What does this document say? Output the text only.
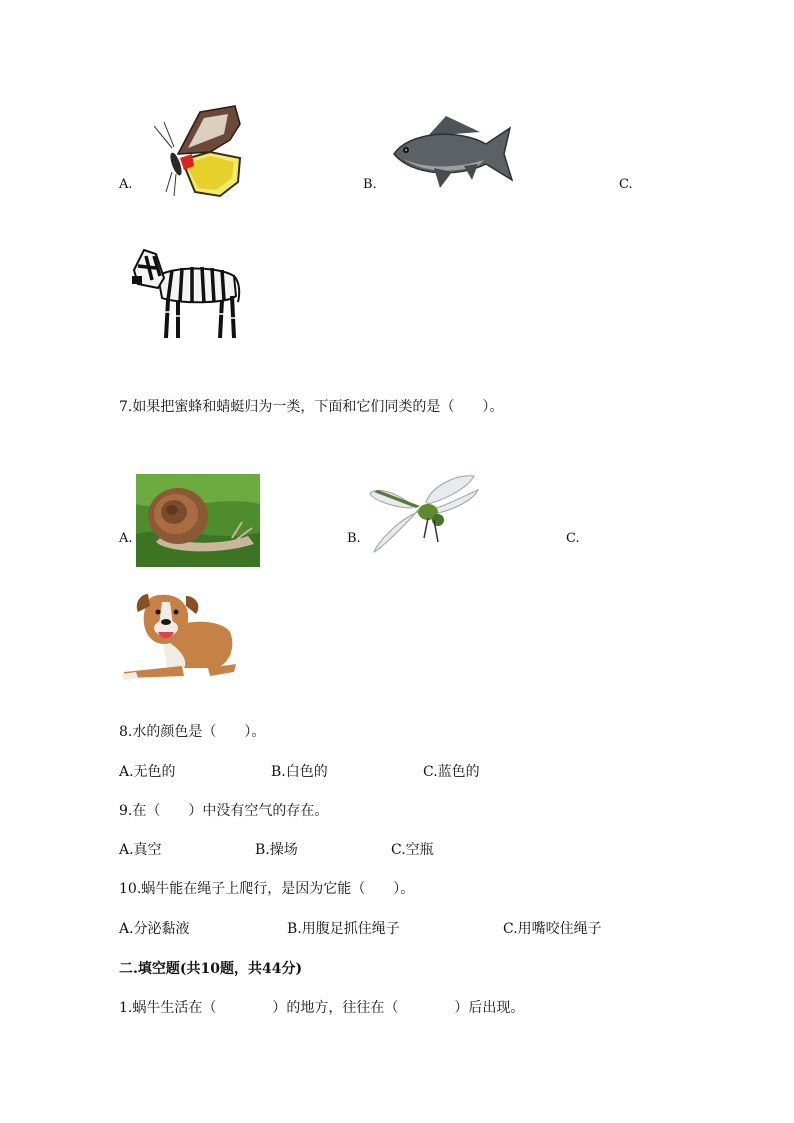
A.	B.	C.
7.如果把蜜蜂和蜻蜓归为一类，下面和它们同类的是（　　）。
A.	B.	C.
8.水的颜色是（　　）。
A.无色的	B.白色的	C.蓝色的
9.在（　　）中没有空气的存在。
A.真空	B.操场	C.空瓶
10.蜗牛能在绳子上爬行，是因为它能（　　）。
A.分泌黏液	B.用腹足抓住绳子	C.用嘴咬住绳子
二.填空题(共10题，共44分)
1.蜗牛生活在（　　　　）的地方，往往在（　　　　）后出现。
